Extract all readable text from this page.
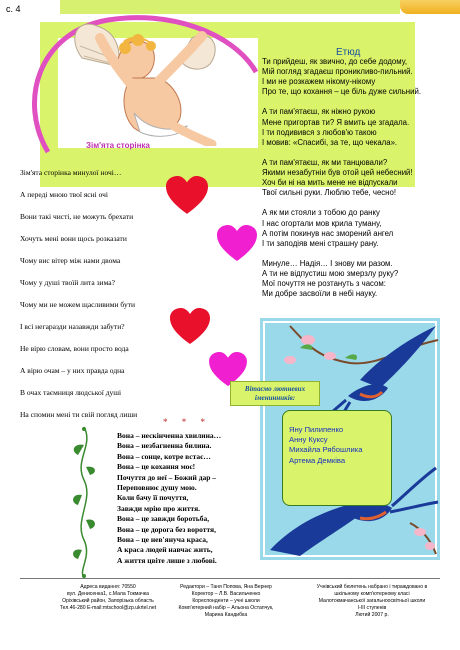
с. 4
Етюд
Ти прийдеш, як звичнo, до себе додому,
Мій погляд згадаєш проникливо-пильний.
І ми не розкажем нікому-нікому
Про те, що кохання – це біль дуже сильний.
А ти пам'ятаєш, як ніжно рукою
Мене пригортав ти? Я вмить це згадала.
І ти подивився з любов'ю такою
І мовив: «Спасибі, за те, що чекала».
А ти пам'ятаєш, як ми танцювали?
Якими незабутніи був отой цей небесний!
Хоч би ні на мить мене не відпускали
Твої сильні руки. Люблю тебе, чесно!
А як ми стояли з тобою до ранку
І нас огортали мов крила туману,
А потім покинув нас зморений ангел
І ти заподіяв мені страшну рану.
Минуле… Надія… І знову ми разом.
А ти не відпустиш мою змерзлу руку?
Мої почуття не розтануть з часом:
Ми добре засвоїли в небі науку.
Зім'ята сторінка
Зім'ята сторінка минулої ночі…
А переді мною твої ясні очі
Вони такі чисті, не можуть брехати
Хочуть мені вони щось розказати
Чому вис вітер між нами двома
Чому у душі твоїй лита зима?
Чому ми не можем щасливими бути
І всі негаразди назавжди забути?
Не вірю словам, вони просто вода
А вірю очам – у них правда одна
В очах таємниця людської душі
На спомин мені ти свій погляд лиши
* * *
Вона – нескінченна хвилина…
Вона – незбагненна билина.
Вона – сонце, котре встає…
Вона – це кохання моє!
Почуття до неї – Божий дар –
Переповнює душу мою.
Коли бачу її почуття,
Завжди мрію про життя.
Вона – це завжди боротьба,
Вона – це дорога без вороття,
Вона – це нев'януча краса,
А краса людей навчає жить,
А життя цвіте лише з любові.
Вітаємо лютневих
іменинників:
Яну Пилипенко
Анну Куксу
Михайла Рябошлика
Артема Демківа
Адреса видання: 70550
вул. Денисенка1, с.Мала Токмачка
Оріхівський район, Запорізька область
Тел.46-280 E-mail:mtschool@zp.ukrtel.net
Редактори – Таня Попова, Яна Вернер
Коректор – Л.В. Васильченко
Кореспонденти – учні школи
Комп'ютерний набір – Альона Остапчук,
Марина Кандибка
Учнівський бюлетень набрано і тираждовано в
шкільному комп'ютерному класі
Малотокмачанської загальноосвітньої школи
І-ІІІ ступенів
Лютий 2007 р.
